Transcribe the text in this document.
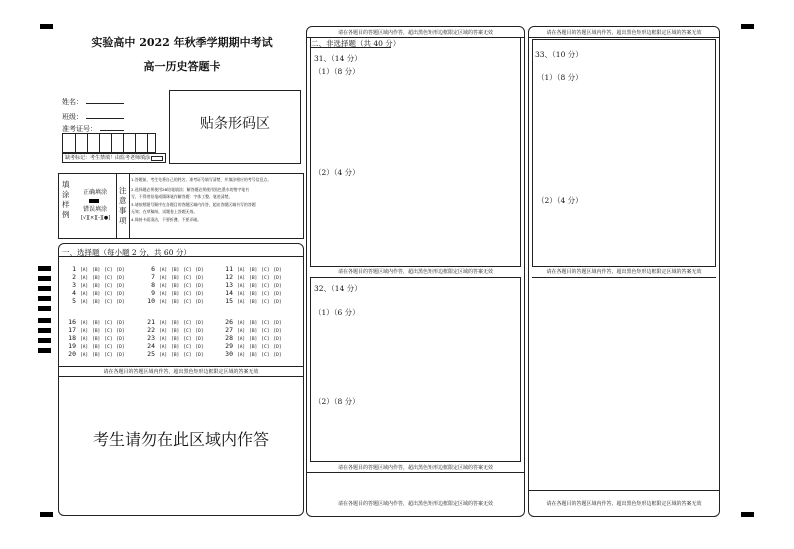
实验高中 2022 年秋季学期期中考试
高一历史答题卡
姓名：
班级：
准考证号：
缺考标记：考生禁填！由监考老师填涂
贴条形码区
填涂样例
正确填涂
错误填涂
[√][×][-][●]
注意事项
1.答题前，考生先将自己的姓名、准考证号填写清楚，并填涂相应的考号信息点。
2.选择题必须使用2B铅笔填涂；解答题必须使用黑色墨水的签字笔书
写，不得用铅笔或圆珠笔作解答题：字体工整、笔迹清楚。
3.请按照题号顺序在各题目的答题区域内作答，超出答题区域书写的答题
无效；在草稿纸、试题卷上答题无效。
4.保持卡面清洁，不要折叠、不要弄破。
一、选择题（每小题 2 分，共 60 分）
请在各题目的答题区域内作答，超出黑色矩形边框限定区域的答案无效
考生请勿在此区域内作答
1 [A] [B] [C] [D]	6 [A] [B] [C] [D]	11 [A] [B] [C] [D]
2 [A] [B] [C] [D]	7 [A] [B] [C] [D]	12 [A] [B] [C] [D]
3 [A] [B] [C] [D]	8 [A] [B] [C] [D]	13 [A] [B] [C] [D]
4 [A] [B] [C] [D]	9 [A] [B] [C] [D]	14 [A] [B] [C] [D]
5 [A] [B] [C] [D]	10 [A] [B] [C] [D]	15 [A] [B] [C] [D]
16 [A] [B] [C] [D]	21 [A] [B] [C] [D]	26 [A] [B] [C] [D]
17 [A] [B] [C] [D]	22 [A] [B] [C] [D]	27 [A] [B] [C] [D]
18 [A] [B] [C] [D]	23 [A] [B] [C] [D]	28 [A] [B] [C] [D]
19 [A] [B] [C] [D]	24 [A] [B] [C] [D]	29 [A] [B] [C] [D]
20 [A] [B] [C] [D]	25 [A] [B] [C] [D]	30 [A] [B] [C] [D]
请在各题目的答题区域内作答，超出黑色矩形边框限定区域的答案无效
二、非选择题（共 40 分）
31、（14 分）
（1）（8 分）
（2）（4 分）
请在各题目的答题区域内作答，超出黑色矩形边框限定区域的答案无效
32、（14 分）
（1）（6 分）
（2）（8 分）
请在各题目的答题区域内作答，超出黑色矩形边框限定区域的答案无效
请在各题目的答题区域内作答，超出黑色矩形边框限定区域的答案无效
请在各题目的答题区域内作答，超出黑色矩形边框限定区域的答案无效
33、（10 分）
（1）（8 分）
（2）（4 分）
请在各题目的答题区域内作答，超出黑色矩形边框限定区域的答案无效
请在各题目的答题区域内作答，超出黑色矩形边框限定区域的答案无效
